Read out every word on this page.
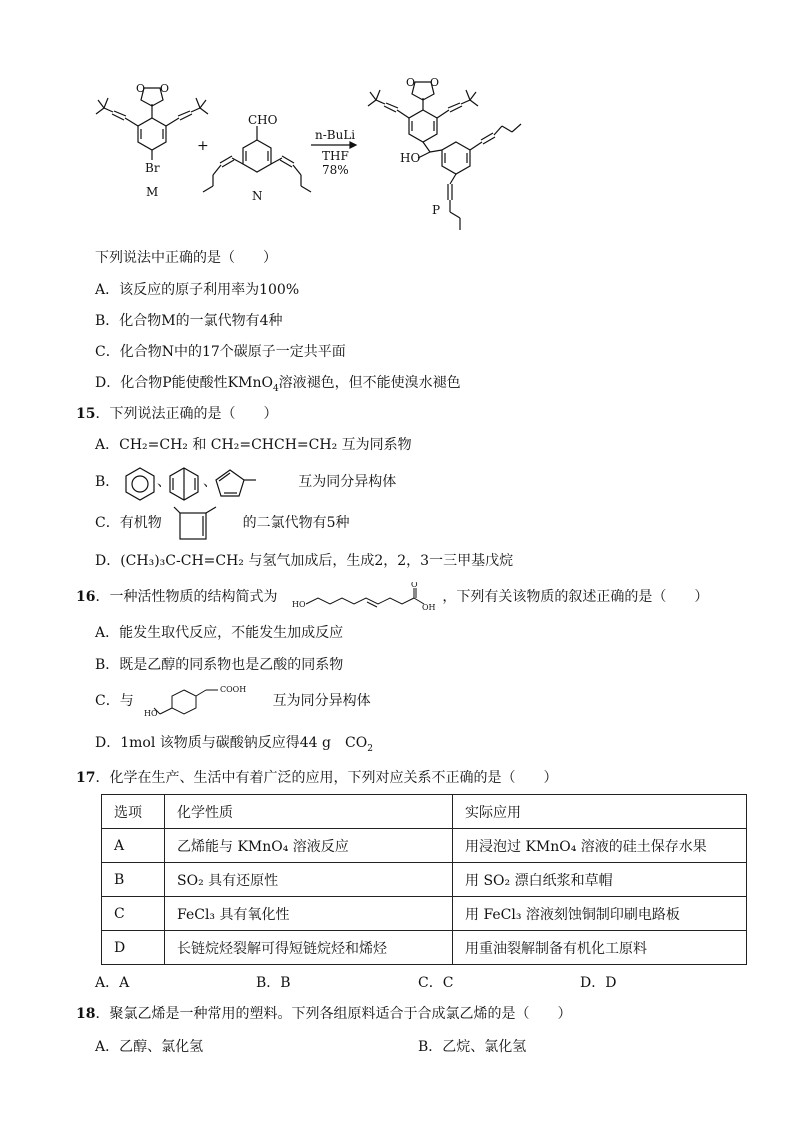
O O
Br
M
CHO
N
+
n-BuLi
THF
78%
O O
HO
P
下列说法中正确的是（　　）
A．该反应的原子利用率为100%
B．化合物M的一氯代物有4种
C．化合物N中的17个碳原子一定共平面
D．化合物P能使酸性KMnO$_4$溶液褪色，但不能使溴水褪色
15．下列说法正确的是（　　）
A．CH₂=CH₂ 和 CH₂=CHCH=CH₂ 互为同系物
B．	互为同分异构体
、 、
C．有机物	的二氯代物有5种
D．(CH₃)₃C-CH=CH₂ 与氢气加成后，生成2，2，3一三甲基戊烷
16．一种活性物质的结构简式为	，下列有关该物质的叙述正确的是（　　）
HO
O
OH
A．能发生取代反应，不能发生加成反应
B．既是乙醇的同系物也是乙酸的同系物
C．与	互为同分异构体
COOH
HO
D．1mol 该物质与碳酸钠反应得44 g  $CO_2$
17．化学在生产、生活中有着广泛的应用，下列对应关系不正确的是（　　）
选项	化学性质	实际应用
A	乙烯能与 KMnO₄ 溶液反应	用浸泡过 KMnO₄ 溶液的硅土保存水果
B	SO₂ 具有还原性	用 SO₂ 漂白纸浆和草帽
C	FeCl₃ 具有氧化性	用 FeCl₃ 溶液刻蚀铜制印刷电路板
D	长链烷烃裂解可得短链烷烃和烯烃	用重油裂解制备有机化工原料
A．A	B．B	C．C	D．D
18．聚氯乙烯是一种常用的塑料。下列各组原料适合于合成氯乙烯的是（　　）
A．乙醇、氯化氢	B．乙烷、氯化氢
